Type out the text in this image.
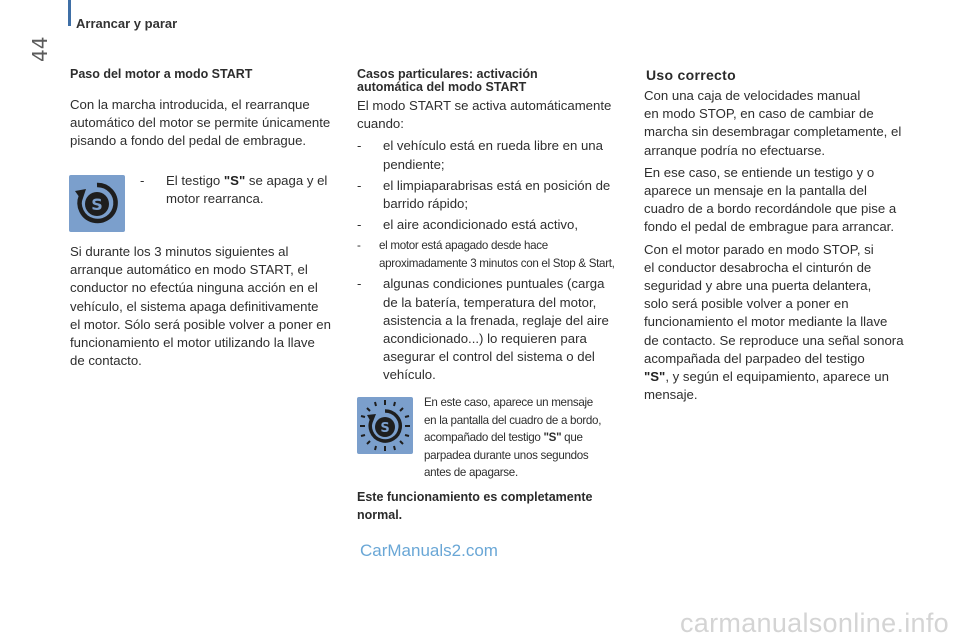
44
Arrancar y parar
Paso del motor a modo START
Con la marcha introducida, el rearranque
automático del motor se permite únicamente
pisando a fondo del pedal de embrague.
S
-	El testigo "S" se apaga y el
motor rearranca.
Si durante los 3 minutos siguientes al
arranque automático en modo START, el
conductor no efectúa ninguna acción en el
vehículo, el sistema apaga definitivamente
el motor. Sólo será posible volver a poner en
funcionamiento el motor utilizando la llave
de contacto.
Casos particulares: activación
automática del modo START
El modo START se activa automáticamente
cuando:
-	el vehículo está en rueda libre en una
pendiente;
-	el limpiaparabrisas está en posición de
barrido rápido;
-	el aire acondicionado está activo,
-	el motor está apagado desde hace
aproximadamente 3 minutos con el Stop & Start,
-	algunas condiciones puntuales (carga
de la batería, temperatura del motor,
asistencia a la frenada, reglaje del aire
acondicionado...) lo requieren para
asegurar el control del sistema o del
vehículo.
S
En este caso, aparece un mensaje
en la pantalla del cuadro de a bordo,
acompañado del testigo "S" que
parpadea durante unos segundos
antes de apagarse.
Este funcionamiento es completamente
normal.
Uso correcto
Con una caja de velocidades manual
en modo STOP, en caso de cambiar de
marcha sin desembragar completamente, el
arranque podría no efectuarse.
En ese caso, se entiende un testigo y o
aparece un mensaje en la pantalla del
cuadro de a bordo recordándole que pise a
fondo el pedal de embrague para arrancar.
Con el motor parado en modo STOP, si
el conductor desabrocha el cinturón de
seguridad y abre una puerta delantera,
solo será posible volver a poner en
funcionamiento el motor mediante la llave
de contacto. Se reproduce una señal sonora
acompañada del parpadeo del testigo
"S", y según el equipamiento, aparece un
mensaje.
CarManuals2.com
carmanualsonline.info
